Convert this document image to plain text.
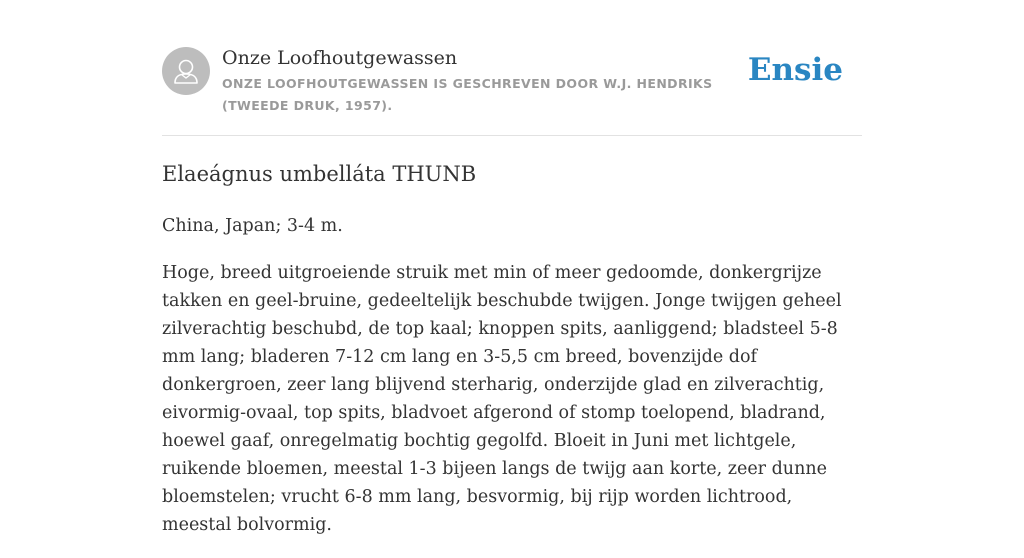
Onze Loofhoutgewassen
ONZE LOOFHOUTGEWASSEN IS GESCHREVEN DOOR W.J. HENDRIKS (TWEEDE DRUK, 1957).
Ensie
Elaeágnus umbelláta THUNB

China, Japan; 3-4 m.

Hoge, breed uitgroeiende struik met min of meer gedoomde, donkergrijze takken en geel-bruine, gedeeltelijk beschubde twijgen. Jonge twijgen geheel zilverachtig beschubd, de top kaal; knoppen spits, aanliggend; bladsteel 5-8 mm lang; bladeren 7-12 cm lang en 3-5,5 cm breed, bovenzijde dof donkergroen, zeer lang blijvend sterharig, onderzijde glad en zilverachtig, eivormig-ovaal, top spits, bladvoet afgerond of stomp toelopend, bladrand, hoewel gaaf, onregelmatig bochtig gegolfd. Bloeit in Juni met lichtgele, ruikende bloemen, meestal 1-3 bijeen langs de twijg aan korte, zeer dunne bloemstelen; vrucht 6-8 mm lang, besvormig, bij rijp worden lichtrood, meestal bolvormig.
